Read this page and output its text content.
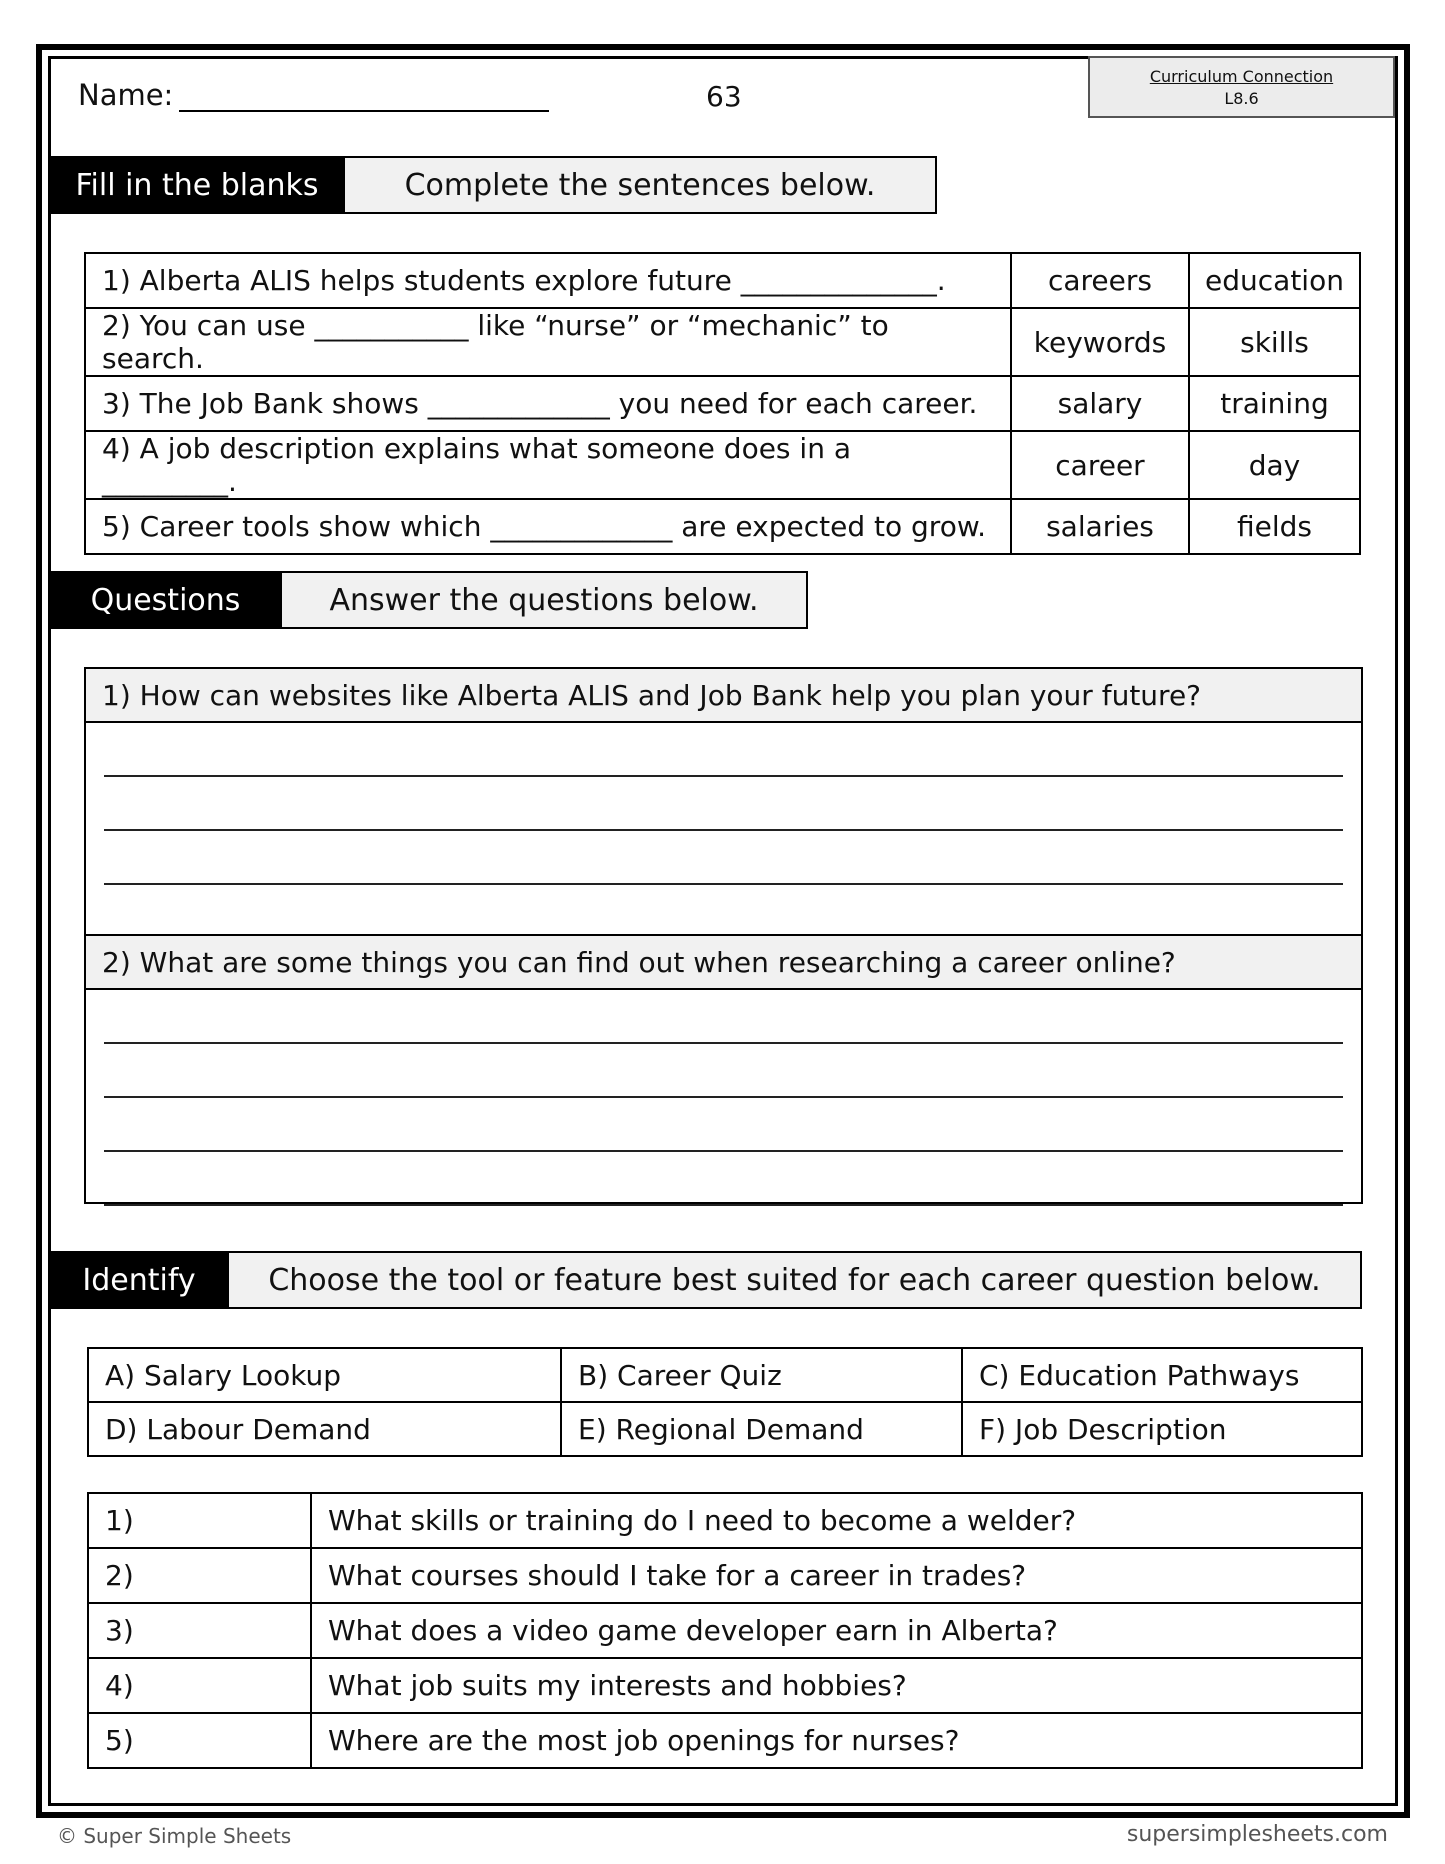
Name:	63
Curriculum Connection
L8.6
Fill in the blanks	Complete the sentences below.
1) Alberta ALIS helps students explore future ______________.	careers	education
2) You can use ___________ like “nurse” or “mechanic” to search.	keywords	skills
3) The Job Bank shows _____________ you need for each career.	salary	training
4) A job description explains what someone does in a _________.	career	day
5) Career tools show which _____________ are expected to grow.	salaries	fields
Questions	Answer the questions below.
1) How can websites like Alberta ALIS and Job Bank help you plan your future?
2) What are some things you can find out when researching a career online?
Identify	Choose the tool or feature best suited for each career question below.
A) Salary Lookup	B) Career Quiz	C) Education Pathways
D) Labour Demand	E) Regional Demand	F) Job Description
1)	What skills or training do I need to become a welder?
2)	What courses should I take for a career in trades?
3)	What does a video game developer earn in Alberta?
4)	What job suits my interests and hobbies?
5)	Where are the most job openings for nurses?
© Super Simple Sheets	supersimplesheets.com
